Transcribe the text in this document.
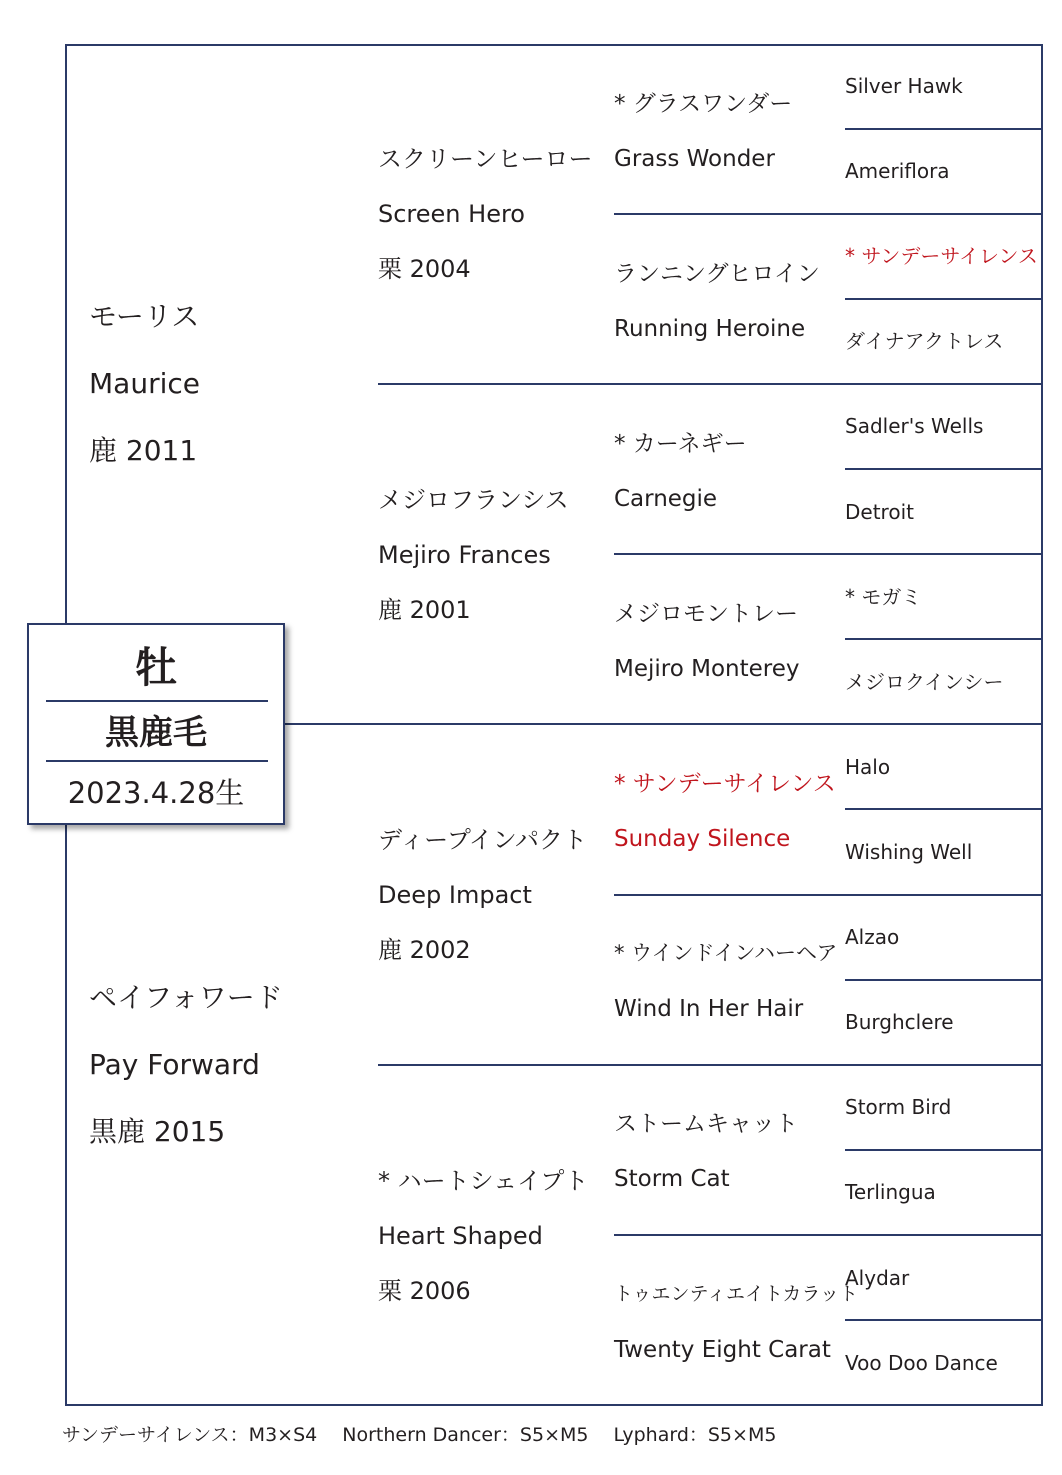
モーリス
Maurice
鹿 2011
ペイフォワード
Pay Forward
黒鹿 2015
スクリーンヒーロー
Screen Hero
栗 2004
メジロフランシス
Mejiro Frances
鹿 2001
ディープインパクト
Deep Impact
鹿 2002
* ハートシェイプト
Heart Shaped
栗 2006
* グラスワンダー
Grass Wonder
ランニングヒロイン
Running Heroine
* カーネギー
Carnegie
メジロモントレー
Mejiro Monterey
* サンデーサイレンス
Sunday Silence
* ウインドインハーヘア
Wind In Her Hair
ストームキャット
Storm Cat
トゥエンティエイトカラット
Twenty Eight Carat
Silver Hawk
Ameriflora
* サンデーサイレンス
ダイナアクトレス
Sadler's Wells
Detroit
* モガミ
メジロクインシー
Halo
Wishing Well
Alzao
Burghclere
Storm Bird
Terlingua
Alydar
Voo Doo Dance
牡
黒鹿毛
2023.4.28生
サンデーサイレンス：M3×S4　 Northern Dancer：S5×M5　 Lyphard：S5×M5
